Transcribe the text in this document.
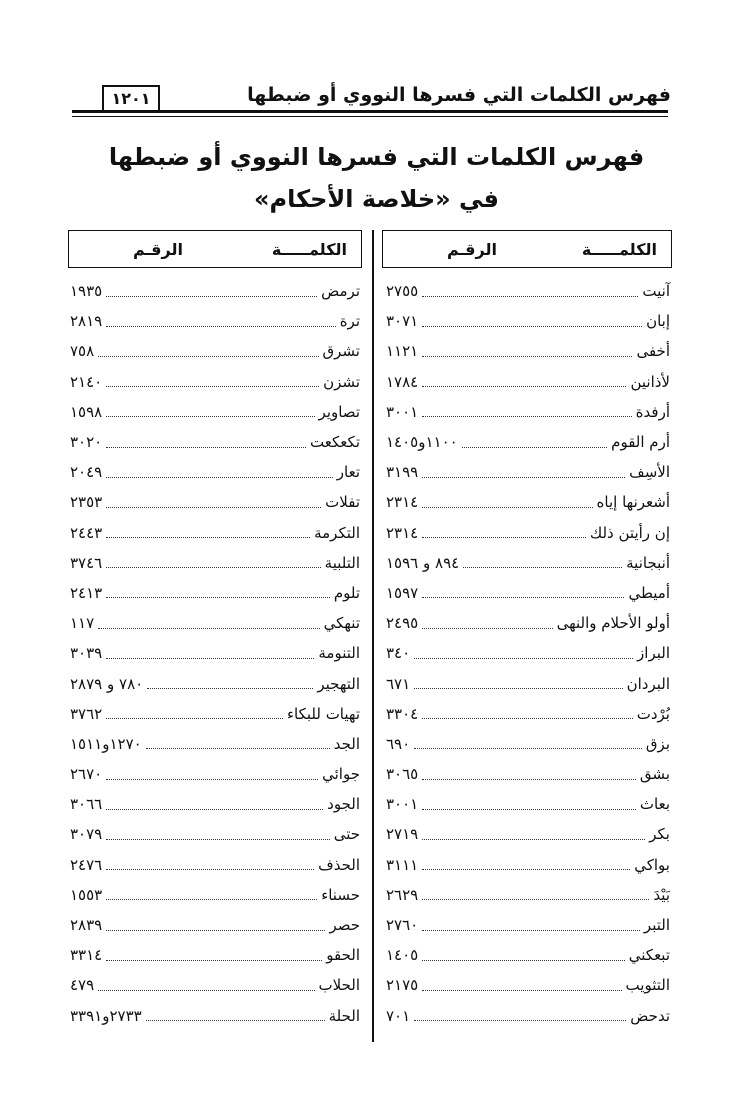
فهرس الكلمات التي فسرها النووي أو ضبطها
١٢٠١
فهرس الكلمات التي فسرها النووي أو ضبطها
في «خلاصة الأحكام»
الكلمـــــة
الرقـم
الكلمـــــة
الرقـم
آنيت
٢٧٥٥
إبان
٣٠٧١
أخفى
١١٢١
لأذانين
١٧٨٤
أرفدة
٣٠٠١
أرم القوم
١١٠٠و١٤٠٥
الأسِف
٣١٩٩
أشعرنها إياه
٢٣١٤
إن رأيتن ذلك
٢٣١٤
أنبجانية
٨٩٤ و ١٥٩٦
أميطي
١٥٩٧
أولو الأحلام والنهى
٢٤٩٥
البراز
٣٤٠
البردان
٦٧١
بُرْدت
٣٣٠٤
بزق
٦٩٠
بشق
٣٠٦٥
بعاث
٣٠٠١
بكر
٢٧١٩
بواكي
٣١١١
بَيْدَ
٢٦٢٩
التبر
٢٧٦٠
تبعكني
١٤٠٥
التثويب
٢١٧٥
تدحض
٧٠١
ترمض
١٩٣٥
ترة
٢٨١٩
تشرق
٧٥٨
تشزن
٢١٤٠
تصاوير
١٥٩٨
تكعكعت
٣٠٢٠
تعار
٢٠٤٩
تفلات
٢٣٥٣
التكرمة
٢٤٤٣
التلبية
٣٧٤٦
تلوم
٢٤١٣
تنهكي
١١٧
التنومة
٣٠٣٩
التهجير
٧٨٠ و ٢٨٧٩
تهيات للبكاء
٣٧٦٢
الجد
١٢٧٠و١٥١١
جوائي
٢٦٧٠
الجود
٣٠٦٦
حتى
٣٠٧٩
الحذف
٢٤٧٦
حسناء
١٥٥٣
حصر
٢٨٣٩
الحقو
٣٣١٤
الحلاب
٤٧٩
الحلة
٢٧٣٣و٣٣٩١
